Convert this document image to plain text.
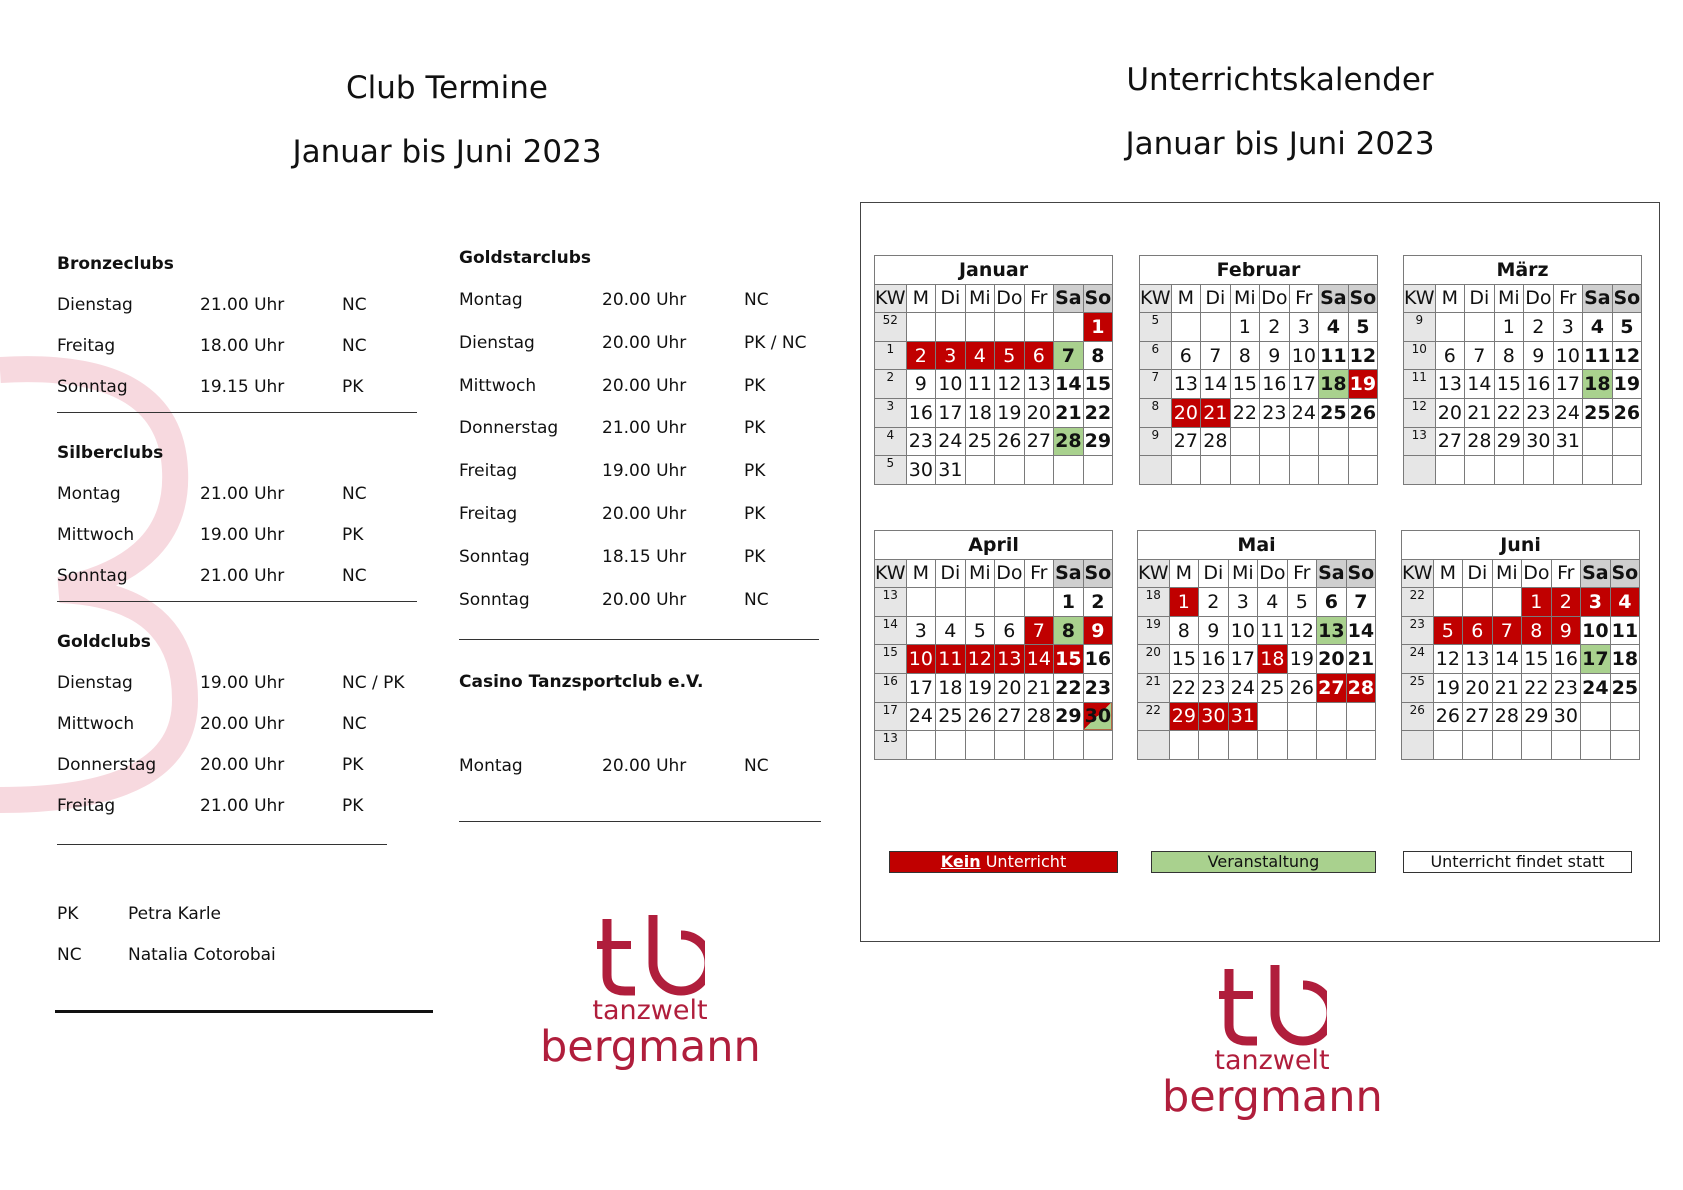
Club Termine
Januar bis Juni 2023
Bronzeclubs
Dienstag	21.00 Uhr	NC
Freitag	18.00 Uhr	NC
Sonntag	19.15 Uhr	PK
Silberclubs
Montag	21.00 Uhr	NC
Mittwoch	19.00 Uhr	PK
Sonntag	21.00 Uhr	NC
Goldclubs
Dienstag	19.00 Uhr	NC / PK
Mittwoch	20.00 Uhr	NC
Donnerstag	20.00 Uhr	PK
Freitag	21.00 Uhr	PK
PK	Petra Karle
NC	Natalia Cotorobai
Goldstarclubs
Montag	20.00 Uhr	NC
Dienstag	20.00 Uhr	PK / NC
Mittwoch	20.00 Uhr	PK
Donnerstag	21.00 Uhr	PK
Freitag	19.00 Uhr	PK
Freitag	20.00 Uhr	PK
Sonntag	18.15 Uhr	PK
Sonntag	20.00 Uhr	NC
Casino Tanzsportclub e.V.
Montag	20.00 Uhr	NC
tanzwelt
bergmann
Unterrichtskalender
Januar bis Juni 2023
Januar							
KW	M	Di	Mi	Do	Fr	Sa	So
52							1
1	2	3	4	5	6	7	8
2	9	10	11	12	13	14	15
3	16	17	18	19	20	21	22
4	23	24	25	26	27	28	29
5	30	31					
Februar							
KW	M	Di	Mi	Do	Fr	Sa	So
5			1	2	3	4	5
6	6	7	8	9	10	11	12
7	13	14	15	16	17	18	19
8	20	21	22	23	24	25	26
9	27	28					

März							
KW	M	Di	Mi	Do	Fr	Sa	So
9			1	2	3	4	5
10	6	7	8	9	10	11	12
11	13	14	15	16	17	18	19
12	20	21	22	23	24	25	26
13	27	28	29	30	31		

April							
KW	M	Di	Mi	Do	Fr	Sa	So
13						1	2
14	3	4	5	6	7	8	9
15	10	11	12	13	14	15	16
16	17	18	19	20	21	22	23
17	24	25	26	27	28	29	30
13							
Mai							
KW	M	Di	Mi	Do	Fr	Sa	So
18	1	2	3	4	5	6	7
19	8	9	10	11	12	13	14
20	15	16	17	18	19	20	21
21	22	23	24	25	26	27	28
22	29	30	31				

Juni							
KW	M	Di	Mi	Do	Fr	Sa	So
22				1	2	3	4
23	5	6	7	8	9	10	11
24	12	13	14	15	16	17	18
25	19	20	21	22	23	24	25
26	26	27	28	29	30		

Kein Unterricht	Veranstaltung	Unterricht findet statt
tanzwelt
bergmann
